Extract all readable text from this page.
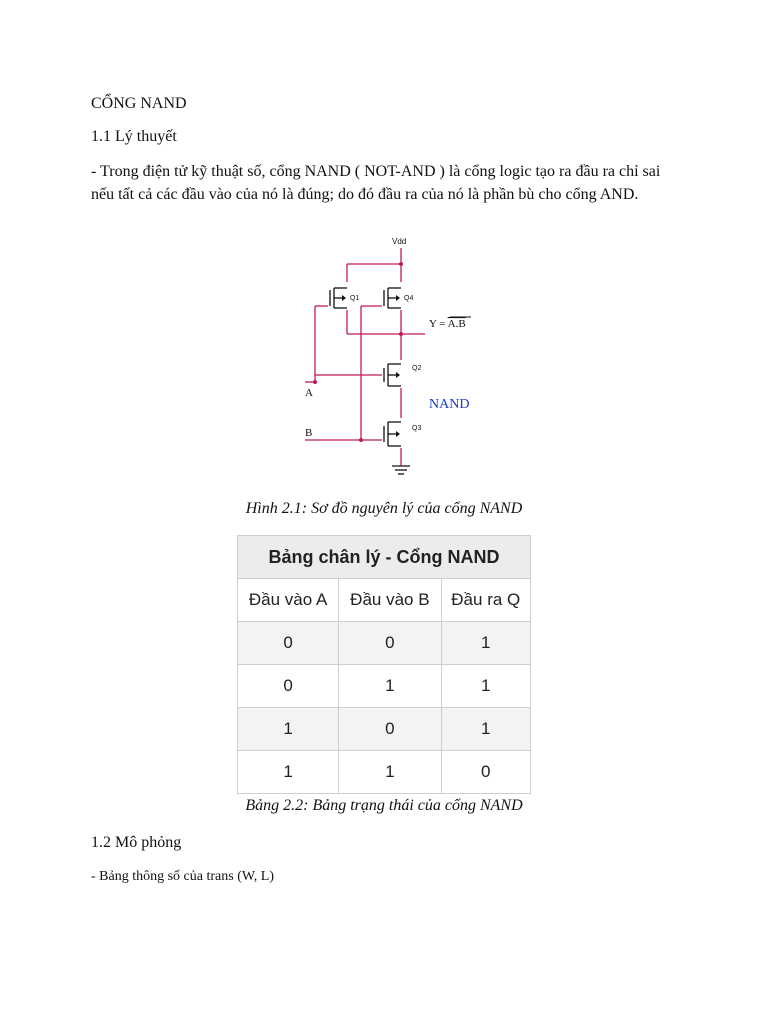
CỔNG NAND
1.1 Lý thuyết
- Trong điện tử kỹ thuật số, cổng NAND ( NOT-AND ) là cổng logic tạo ra đầu ra chỉ sai nếu tất cả các đầu vào của nó là đúng; do đó đầu ra của nó là phần bù cho cổng AND.
Vdd
Q1	Q4
Q2
Q3
Y = A.B
A
B
NAND
Hình 2.1: Sơ đồ nguyên lý của cổng NAND
Bảng chân lý - Cổng NAND		
Đầu vào A	Đầu vào B	Đầu ra Q
0	0	1
0	1	1
1	0	1
1	1	0
Bảng 2.2: Bảng trạng thái của cổng NAND
1.2 Mô phỏng
- Bảng thông số của trans (W, L)
